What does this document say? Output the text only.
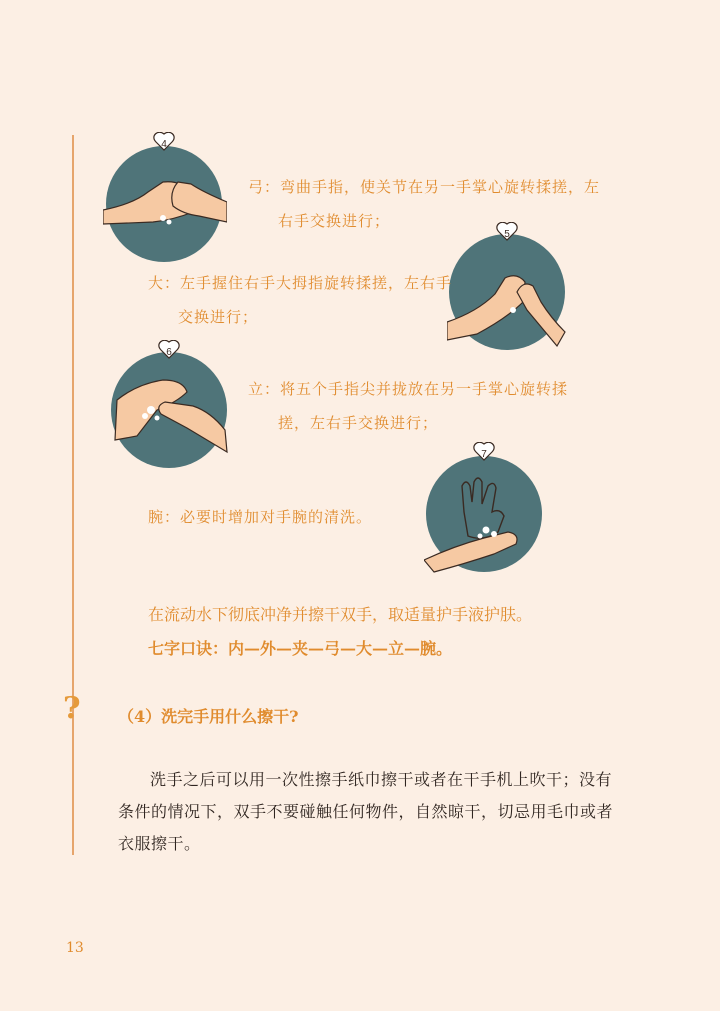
4
弓：弯曲手指，使关节在另一手掌心旋转揉搓，左
右手交换进行；
5
大：左手握住右手大拇指旋转揉搓，左右手
交换进行；
6
立：将五个手指尖并拢放在另一手掌心旋转揉
搓，左右手交换进行；
7
腕：必要时增加对手腕的清洗。
在流动水下彻底冲净并擦干双手，取适量护手液护肤。
七字口诀：内—外—夹—弓—大—立—腕。
? （4）洗完手用什么擦干?
洗手之后可以用一次性擦手纸巾擦干或者在干手机上吹干；没有条件的情况下，双手不要碰触任何物件，自然晾干，切忌用毛巾或者衣服擦干。
13
